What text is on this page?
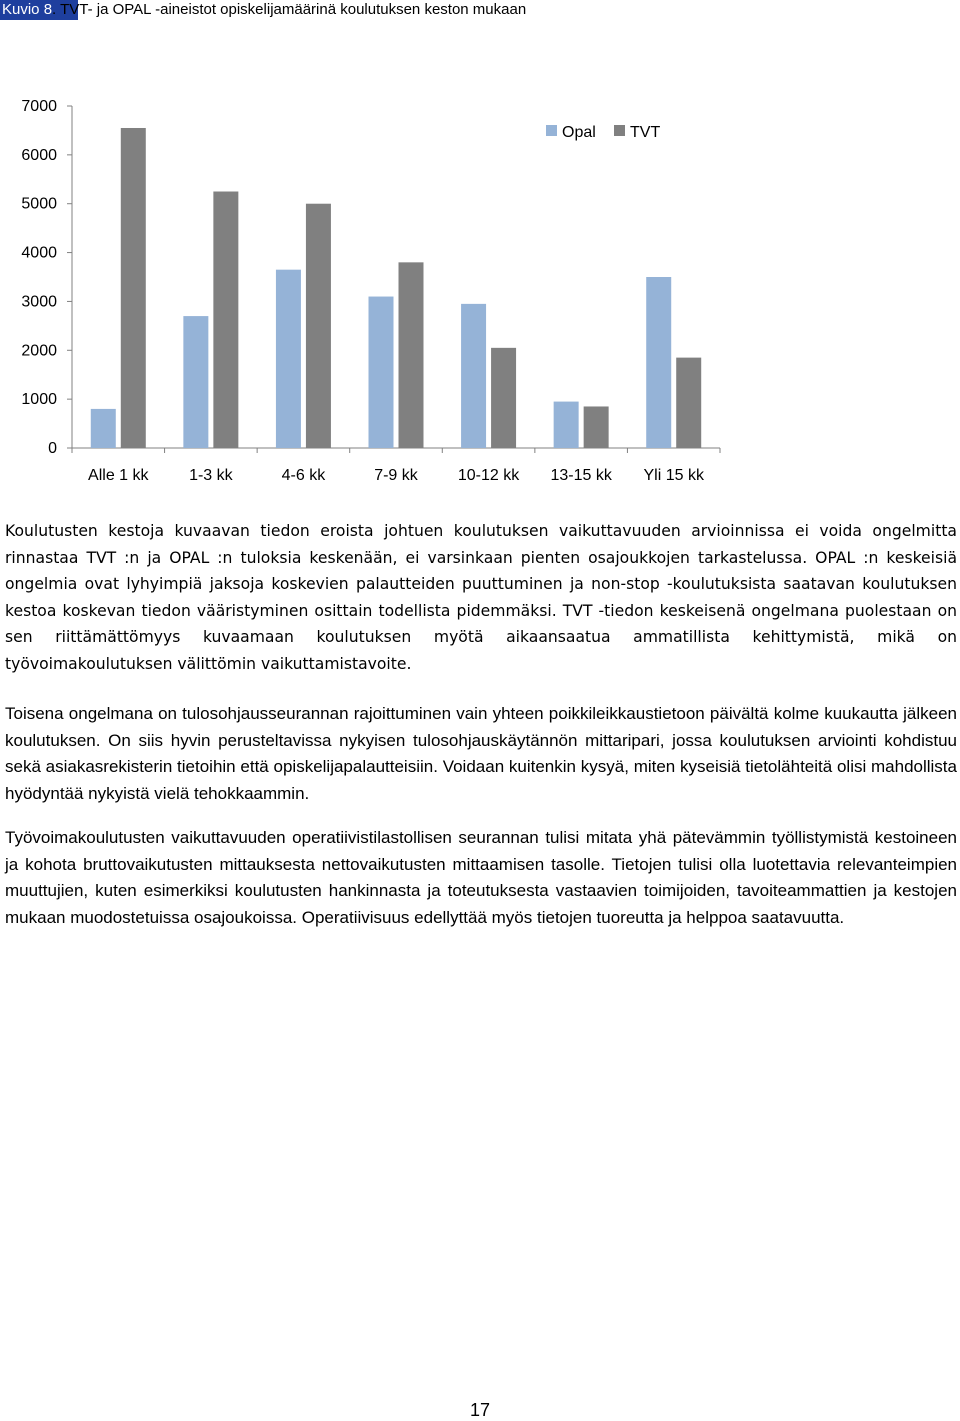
Kuvio 8. TVT- ja OPAL -aineistot opiskelijamäärinä koulutuksen keston mukaan
0
1000
2000
3000
4000
5000
6000
7000
Alle 1 kk	1-3 kk	4-6 kk	7-9 kk	10-12 kk 13-15 kk Yli 15 kk
Opal TVT

Koulutusten kestoja kuvaavan tiedon eroista johtuen koulutuksen vaikuttavuuden arvioinnissa ei voida ongelmitta rinnastaa TVT :n ja OPAL :n tuloksia keskenään, ei varsinkaan pienten osajoukkojen tarkastelussa. OPAL :n keskeisiä ongelmia ovat lyhyimpiä jaksoja koskevien palautteiden puuttuminen ja non-stop -koulutuksista saatavan koulutuksen kestoa koskevan tiedon vääristyminen osittain todellista pidemmäksi. TVT -tiedon keskeisenä ongelmana puolestaan on sen riittämättömyys kuvaamaan koulutuksen myötä aikaansaatua ammatillista kehittymistä, mikä on työvoimakoulutuksen välittömin vaikuttamistavoite.

Toisena ongelmana on tulosohjausseurannan rajoittuminen vain yhteen poikkileikkaustietoon päivältä kolme kuukautta jälkeen koulutuksen. On siis hyvin perusteltavissa nykyisen tulosohjauskäytännön mittaripari, jossa koulutuksen arviointi kohdistuu sekä asiakasrekisterin tietoihin että opiskelijapalautteisiin. Voidaan kuitenkin kysyä, miten kyseisiä tietolähteitä olisi mahdollista hyödyntää nykyistä vielä tehokkaammin.

Työvoimakoulutusten vaikuttavuuden operatiivistilastollisen seurannan tulisi mitata yhä pätevämmin työllistymistä kestoineen ja kohota bruttovaikutusten mittauksesta nettovaikutusten mittaamisen tasolle. Tietojen tulisi olla luotettavia relevanteimpien muuttujien, kuten esimerkiksi koulutusten hankinnasta ja toteutuksesta vastaavien toimijoiden, tavoiteammattien ja kestojen mukaan muodostetuissa osajoukoissa. Operatiivisuus edellyttää myös tietojen tuoreutta ja helppoa saatavuutta.

17
